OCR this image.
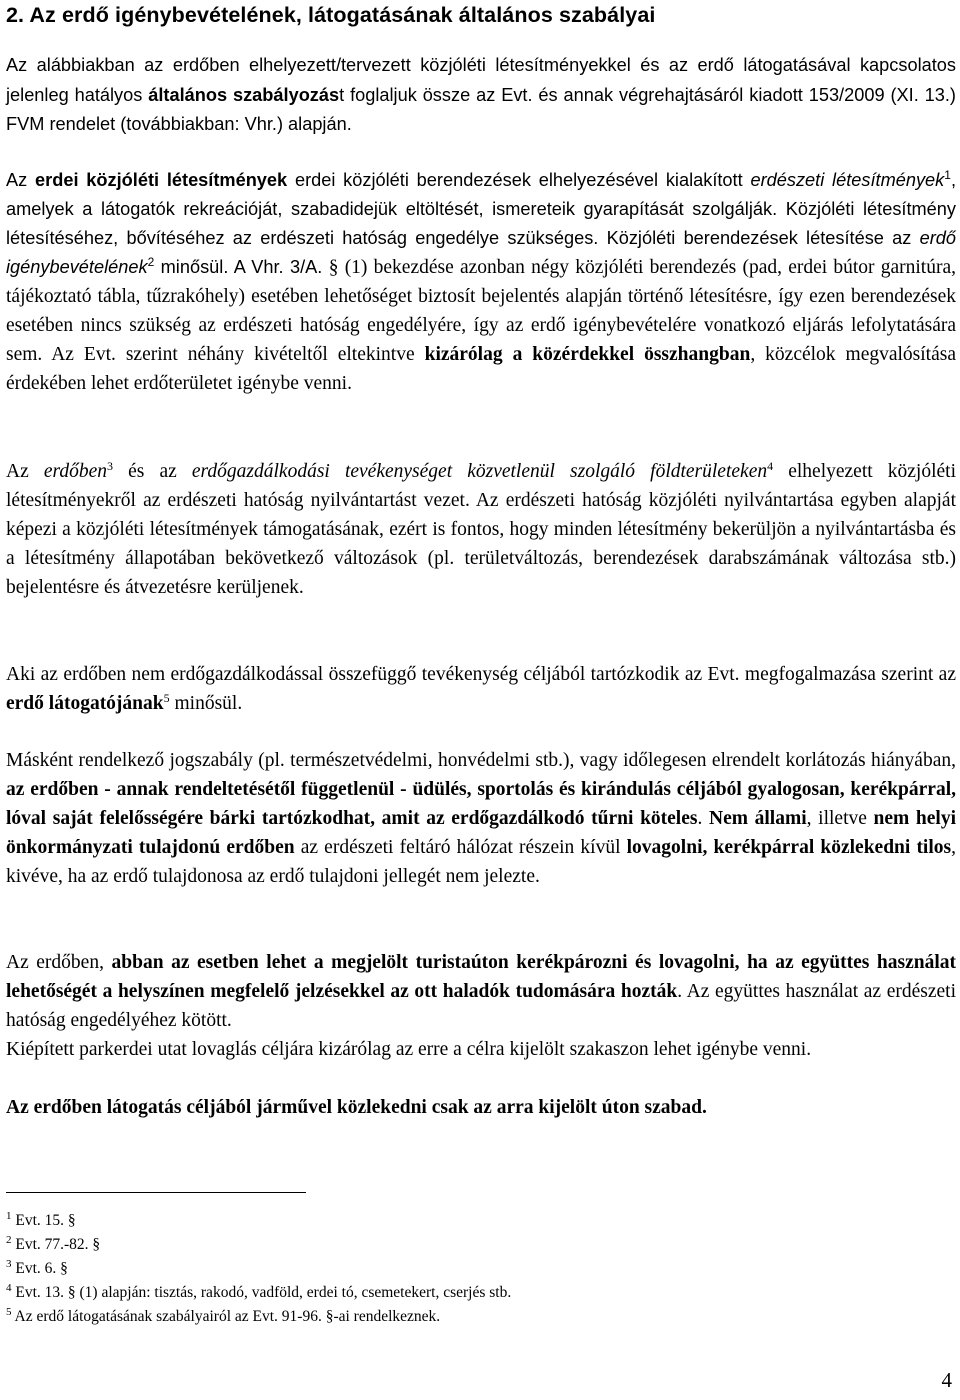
2. Az erdő igénybevételének, látogatásának általános szabályai
Az alábbiakban az erdőben elhelyezett/tervezett közjóléti létesítményekkel és az erdő látogatásával kapcsolatos jelenleg hatályos általános szabályozást foglaljuk össze az Evt. és annak végrehajtásáról kiadott 153/2009 (XI. 13.) FVM rendelet (továbbiakban: Vhr.) alapján.
Az erdei közjóléti létesítmények erdei közjóléti berendezések elhelyezésével kialakított erdészeti létesítmények$^1$, amelyek a látogatók rekreációját, szabadidejük eltöltését, ismereteik gyarapítását szolgálják. Közjóléti létesítmény létesítéséhez, bővítéséhez az erdészeti hatóság engedélye szükséges. Közjóléti berendezések létesítése az erdő igénybevételének$^2$ minősül. A Vhr. 3/A. § (1) bekezdése azonban négy közjóléti berendezés (pad, erdei bútor garnitúra, tájékoztató tábla, tűzrakóhely) esetében lehetőséget biztosít bejelentés alapján történő létesítésre, így ezen berendezések esetében nincs szükség az erdészeti hatóság engedélyére, így az erdő igénybevételére vonatkozó eljárás lefolytatására sem. Az Evt. szerint néhány kivételtől eltekintve kizárólag a közérdekkel összhangban, közcélok megvalósítása érdekében lehet erdőterületet igénybe venni.
Az erdőben$^3$ és az erdőgazdálkodási tevékenységet közvetlenül szolgáló földterületeken$^4$ elhelyezett közjóléti létesítményekről az erdészeti hatóság nyilvántartást vezet. Az erdészeti hatóság közjóléti nyilvántartása egyben alapját képezi a közjóléti létesítmények támogatásának, ezért is fontos, hogy minden létesítmény bekerüljön a nyilvántartásba és a létesítmény állapotában bekövetkező változások (pl. területváltozás, berendezések darabszámának változása stb.) bejelentésre és átvezetésre kerüljenek.
Aki az erdőben nem erdőgazdálkodással összefüggő tevékenység céljából tartózkodik az Evt. megfogalmazása szerint az erdő látogatójának$^5$ minősül.
Másként rendelkező jogszabály (pl. természetvédelmi, honvédelmi stb.), vagy időlegesen elrendelt korlátozás hiányában, az erdőben - annak rendeltetésétől függetlenül - üdülés, sportolás és kirándulás céljából gyalogosan, kerékpárral, lóval saját felelősségére bárki tartózkodhat, amit az erdőgazdálkodó tűrni köteles. Nem állami, illetve nem helyi önkormányzati tulajdonú erdőben az erdészeti feltáró hálózat részein kívül lovagolni, kerékpárral közlekedni tilos, kivéve, ha az erdő tulajdonosa az erdő tulajdoni jellegét nem jelezte.
Az erdőben, abban az esetben lehet a megjelölt turistaúton kerékpározni és lovagolni, ha az együttes használat lehetőségét a helyszínen megfelelő jelzésekkel az ott haladók tudomására hozták. Az együttes használat az erdészeti hatóság engedélyéhez kötött.
Kiépített parkerdei utat lovaglás céljára kizárólag az erre a célra kijelölt szakaszon lehet igénybe venni.
Az erdőben látogatás céljából járművel közlekedni csak az arra kijelölt úton szabad.
$^1$ Evt. 15. §
$^2$ Evt. 77.-82. §
$^3$ Evt. 6. §
$^4$ Evt. 13. § (1) alapján: tisztás, rakodó, vadföld, erdei tó, csemetekert, cserjés stb.
$^5$ Az erdő látogatásának szabályairól az Evt. 91-96. §-ai rendelkeznek.
4
